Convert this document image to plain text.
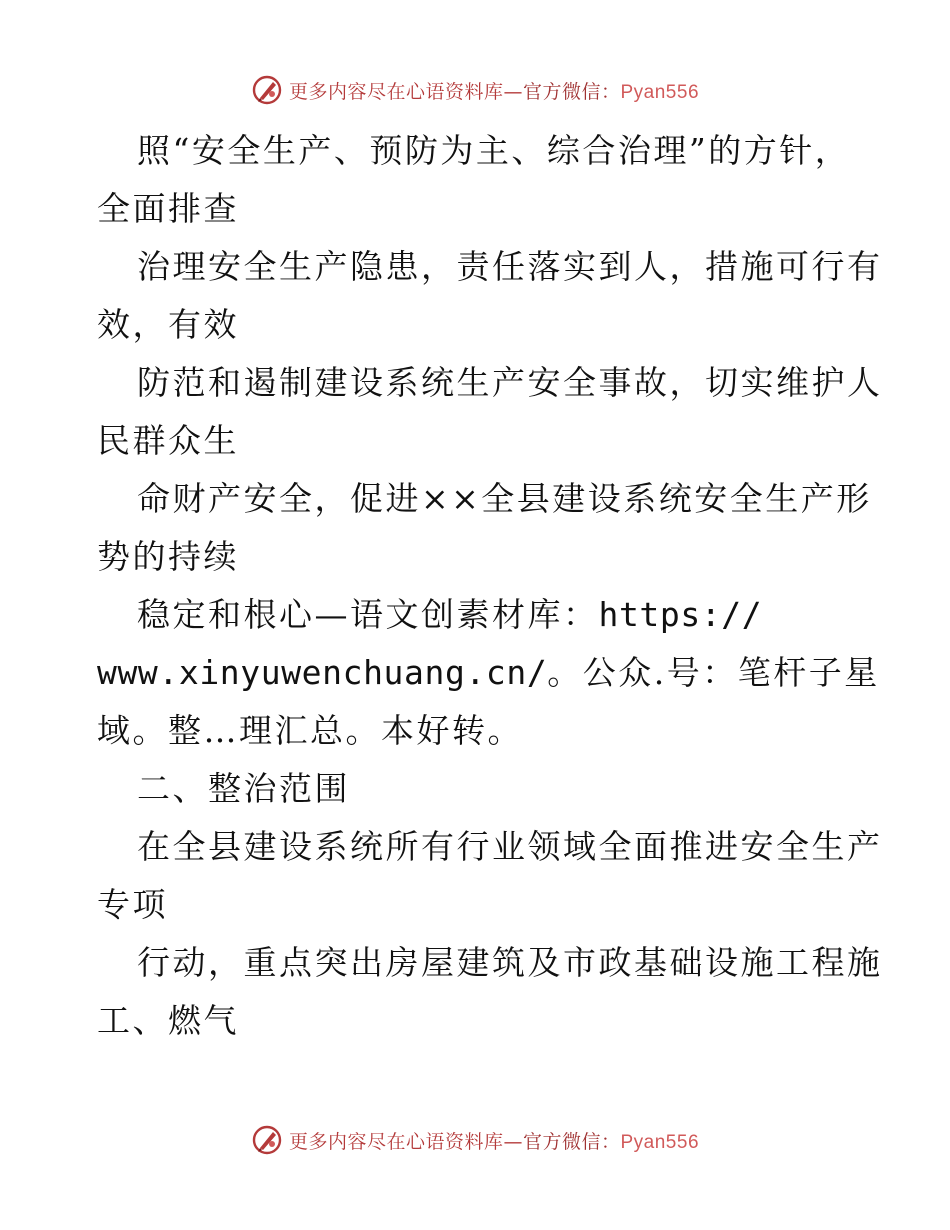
更多内容尽在心语资料库—官方微信：Pyan556
照“安全生产、预防为主、综合治理”的方针，
全面排查
治理安全生产隐患，责任落实到人，措施可行有
效，有效
防范和遏制建设系统生产安全事故，切实维护人
民群众生
命财产安全，促进××全县建设系统安全生产形
势的持续
稳定和根心—语文创素材库：https://
www.xinyuwenchuang.cn/。公众.号：笔杆子星
域。整…理汇总。本好转。
二、整治范围
在全县建设系统所有行业领域全面推进安全生产
专项
行动，重点突出房屋建筑及市政基础设施工程施
工、燃气
更多内容尽在心语资料库—官方微信：Pyan556
